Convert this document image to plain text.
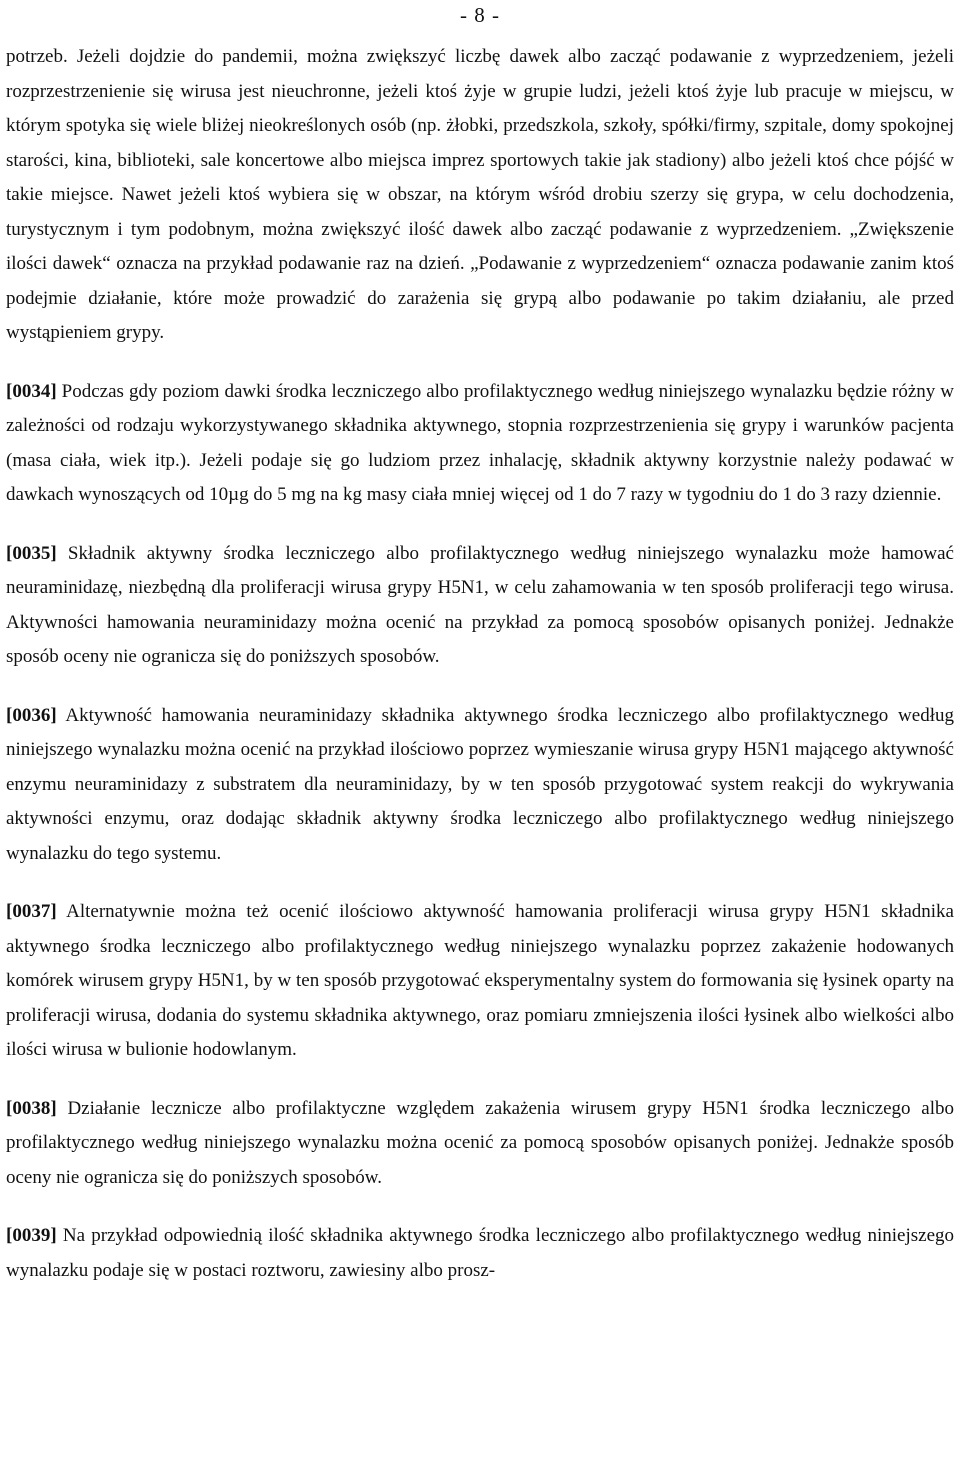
- 8 -

potrzeb. Jeżeli dojdzie do pandemii, można zwiększyć liczbę dawek albo zacząć podawanie z wyprzedzeniem, jeżeli rozprzestrzenienie się wirusa jest nieuchronne, jeżeli ktoś żyje w grupie ludzi, jeżeli ktoś żyje lub pracuje w miejscu, w którym spotyka się wiele bliżej nieokreślonych osób (np. żłobki, przedszkola, szkoły, spółki/firmy, szpitale, domy spokojnej starości, kina, biblioteki, sale koncertowe albo miejsca imprez sportowych takie jak stadiony) albo jeżeli ktoś chce pójść w takie miejsce. Nawet jeżeli ktoś wybiera się w obszar, na którym wśród drobiu szerzy się grypa, w celu dochodzenia, turystycznym i tym podobnym, można zwiększyć ilość dawek albo zacząć podawanie z wyprzedzeniem. „Zwiększenie ilości dawek“ oznacza na przykład podawanie raz na dzień. „Podawanie z wyprzedzeniem“ oznacza podawanie zanim ktoś podejmie działanie, które może prowadzić do zarażenia się grypą albo podawanie po takim działaniu, ale przed wystąpieniem grypy.

[0034] Podczas gdy poziom dawki środka leczniczego albo profilaktycznego według niniejszego wynalazku będzie różny w zależności od rodzaju wykorzystywanego składnika aktywnego, stopnia rozprzestrzenienia się grypy i warunków pacjenta (masa ciała, wiek itp.). Jeżeli podaje się go ludziom przez inhalację, składnik aktywny korzystnie należy podawać w dawkach wynoszących od 10µg do 5 mg na kg masy ciała mniej więcej od 1 do 7 razy w tygodniu do 1 do 3 razy dziennie.

[0035] Składnik aktywny środka leczniczego albo profilaktycznego według niniejszego wynalazku może hamować neuraminidazę, niezbędną dla proliferacji wirusa grypy H5N1, w celu zahamowania w ten sposób proliferacji tego wirusa. Aktywności hamowania neuraminidazy można ocenić na przykład za pomocą sposobów opisanych poniżej. Jednakże sposób oceny nie ogranicza się do poniższych sposobów.

[0036] Aktywność hamowania neuraminidazy składnika aktywnego środka leczniczego albo profilaktycznego według niniejszego wynalazku można ocenić na przykład ilościowo poprzez wymieszanie wirusa grypy H5N1 mającego aktywność enzymu neuraminidazy z substratem dla neuraminidazy, by w ten sposób przygotować system reakcji do wykrywania aktywności enzymu, oraz dodając składnik aktywny środka leczniczego albo profilaktycznego według niniejszego wynalazku do tego systemu.

[0037] Alternatywnie można też ocenić ilościowo aktywność hamowania proliferacji wirusa grypy H5N1 składnika aktywnego środka leczniczego albo profilaktycznego według niniejszego wynalazku poprzez zakażenie hodowanych komórek wirusem grypy H5N1, by w ten sposób przygotować eksperymentalny system do formowania się łysinek oparty na proliferacji wirusa, dodania do systemu składnika aktywnego, oraz pomiaru zmniejszenia ilości łysinek albo wielkości albo ilości wirusa w bulionie hodowlanym.

[0038] Działanie lecznicze albo profilaktyczne względem zakażenia wirusem grypy H5N1 środka leczniczego albo profilaktycznego według niniejszego wynalazku można ocenić za pomocą sposobów opisanych poniżej. Jednakże sposób oceny nie ogranicza się do poniższych sposobów.

[0039] Na przykład odpowiednią ilość składnika aktywnego środka leczniczego albo profilaktycznego według niniejszego wynalazku podaje się w postaci roztworu, zawiesiny albo prosz-
